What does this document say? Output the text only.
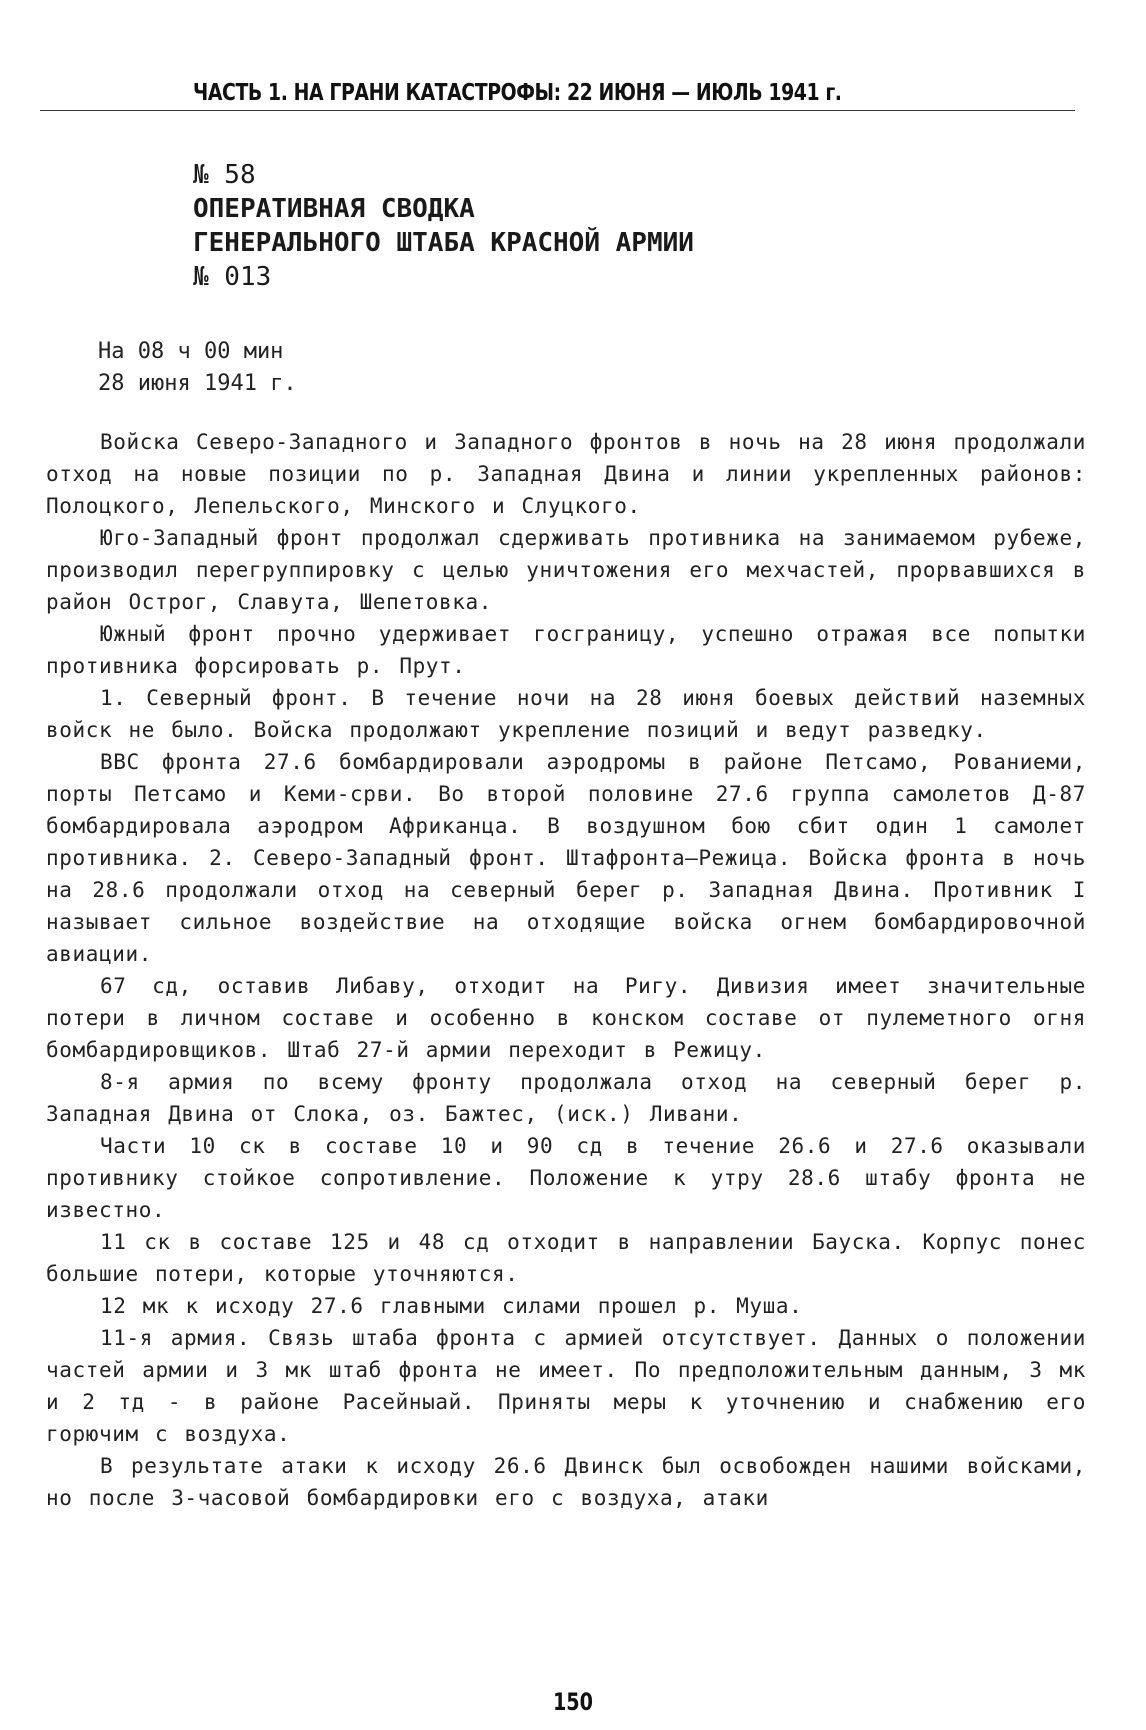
ЧАСТЬ 1. НА ГРАНИ КАТАСТРОФЫ: 22 ИЮНЯ — ИЮЛЬ 1941 г.
№ 58
ОПЕРАТИВНАЯ СВОДКА
ГЕНЕРАЛЬНОГО ШТАБА КРАСНОЙ АРМИИ
№ 013
На 08 ч 00 мин
28 июня 1941 г.

Войска Северо-Западного и Западного фронтов в ночь на 28 июня продолжали отход на новые позиции по р. Западная Двина и линии укрепленных районов: Полоцкого, Лепельского, Минского и Слуцкого.

Юго-Западный фронт продолжал сдерживать противника на занимаемом рубеже, производил перегруппировку с целью уничтожения его мехчастей, прорвавшихся в район Острог, Славута, Шепетовка.

Южный фронт прочно удерживает госграницу, успешно отражая все попытки противника форсировать р. Прут.

1. Северный фронт. В течение ночи на 28 июня боевых действий наземных войск не было. Войска продолжают укрепление позиций и ведут разведку.

ВВС фронта 27.6 бомбардировали аэродромы в районе Петсамо, Рованиеми, порты Петсамо и Кеми-срви. Во второй половине 27.6 группа самолетов Д-87 бомбардировала аэродром Африканца. В воздушном бою сбит один 1 самолет противника. 2. Северо-Западный фронт. Штафронта—Режица. Войска фронта в ночь на 28.6 продолжали отход на северный берег р. Западная Двина. Противник I называет сильное воздействие на отходящие войска огнем бомбардировочной авиации.

67 сд, оставив Либаву, отходит на Ригу. Дивизия имеет значительные потери в личном составе и особенно в конском составе от пулеметного огня бомбардировщиков. Штаб 27-й армии переходит в Режицу.

8-я армия по всему фронту продолжала отход на северный берег р. Западная Двина от Слока, оз. Бажтес, (иск.) Ливани.

Части 10 ск в составе 10 и 90 сд в течение 26.6 и 27.6 оказывали противнику стойкое сопротивление. Положение к утру 28.6 штабу фронта не известно.

11 ск в составе 125 и 48 сд отходит в направлении Бауска. Корпус понес большие потери, которые уточняются.

12 мк к исходу 27.6 главными силами прошел р. Муша.

11-я армия. Связь штаба фронта с армией отсутствует. Данных о положении частей армии и 3 мк штаб фронта не имеет. По предположительным данным, 3 мк и 2 тд - в районе Расейныай. Приняты меры к уточнению и снабжению его горючим с воздуха.

В результате атаки к исходу 26.6 Двинск был освобожден нашими войсками, но после 3-часовой бомбардировки его с воздуха, атаки

150
